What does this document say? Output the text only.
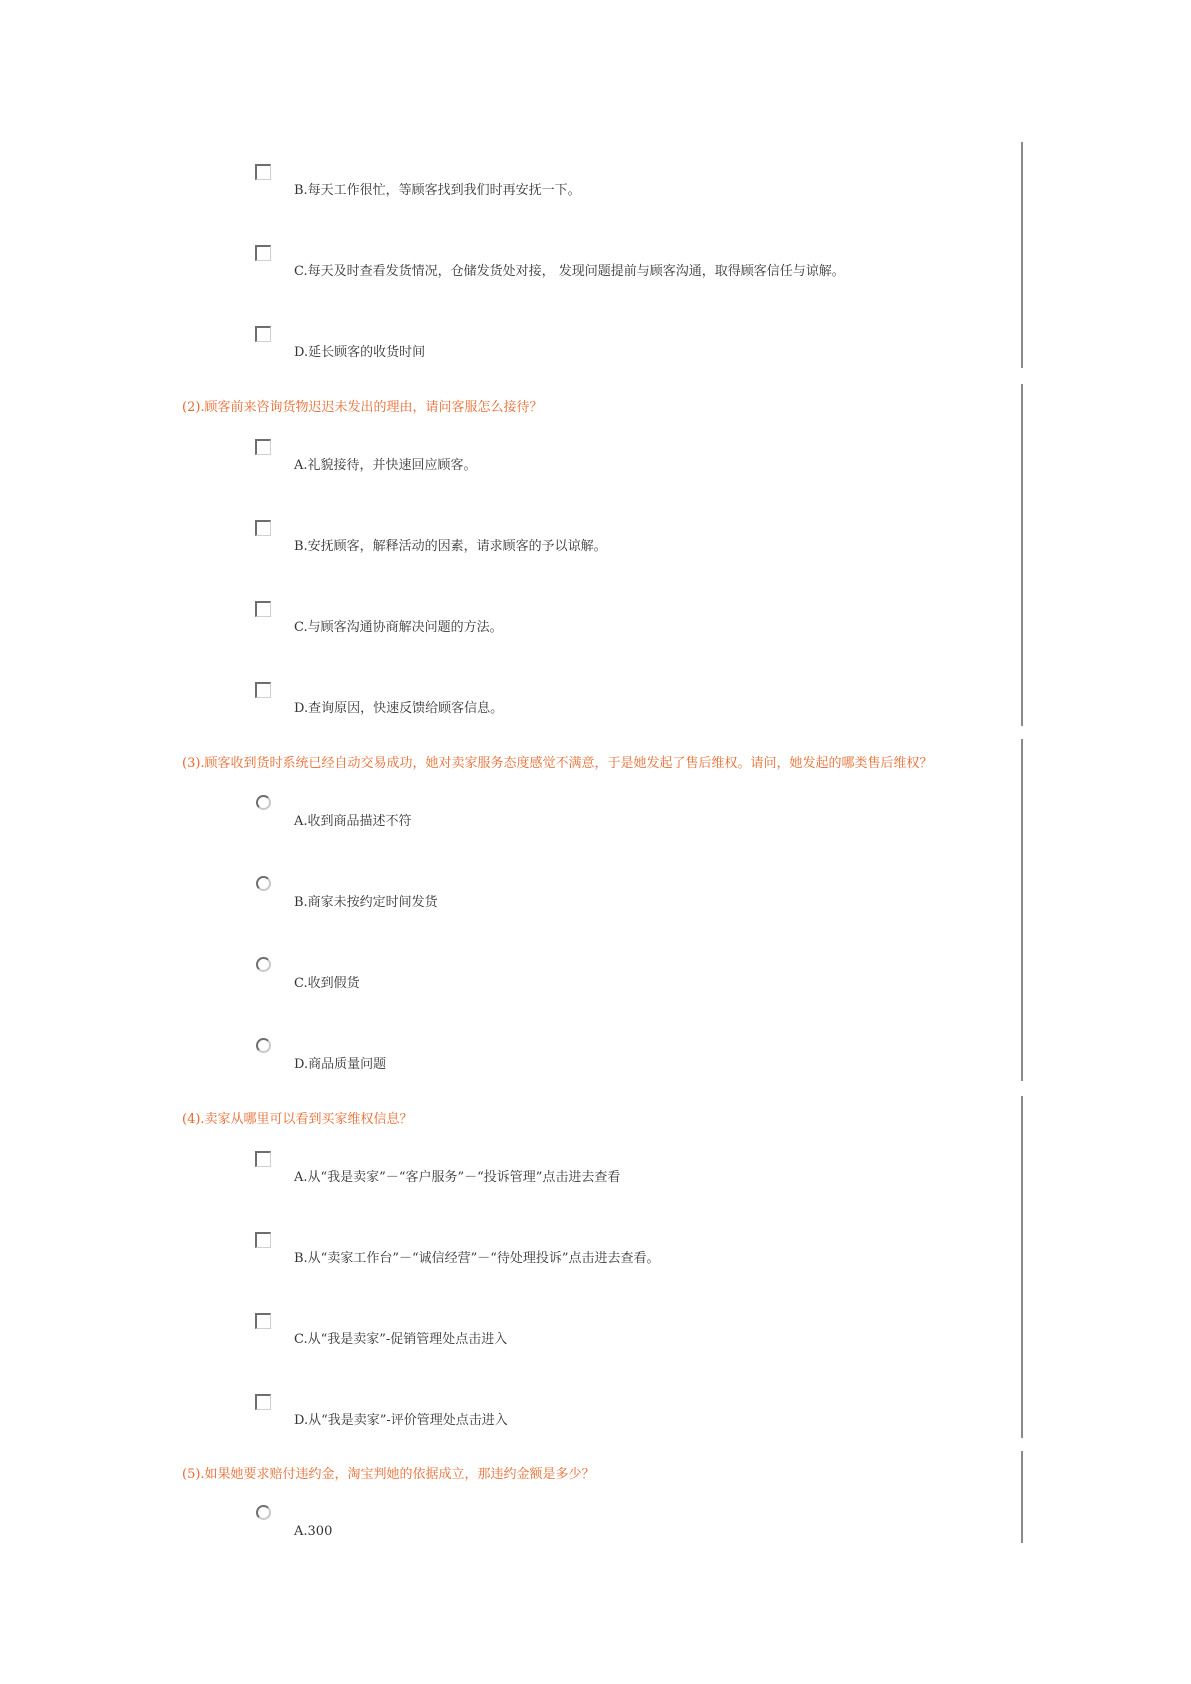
B.每天工作很忙，等顾客找到我们时再安抚一下。
C.每天及时查看发货情况，仓储发货处对接， 发现问题提前与顾客沟通，取得顾客信任与谅解。
D.延长顾客的收货时间
(2).顾客前来咨询货物迟迟未发出的理由，请问客服怎么接待？
A.礼貌接待，并快速回应顾客。
B.安抚顾客，解释活动的因素，请求顾客的予以谅解。
C.与顾客沟通协商解决问题的方法。
D.查询原因，快速反馈给顾客信息。
(3).顾客收到货时系统已经自动交易成功，她对卖家服务态度感觉不满意，于是她发起了售后维权。请问，她发起的哪类售后维权？
A.收到商品描述不符
B.商家未按约定时间发货
C.收到假货
D.商品质量问题
(4).卖家从哪里可以看到买家维权信息？
A.从“我是卖家”－“客户服务”－“投诉管理”点击进去查看
B.从“卖家工作台”－“诚信经营”－“待处理投诉”点击进去查看。
C.从“我是卖家”-促销管理处点击进入
D.从“我是卖家”-评价管理处点击进入
(5).如果她要求赔付违约金，淘宝判她的依据成立，那违约金额是多少？
A.300
